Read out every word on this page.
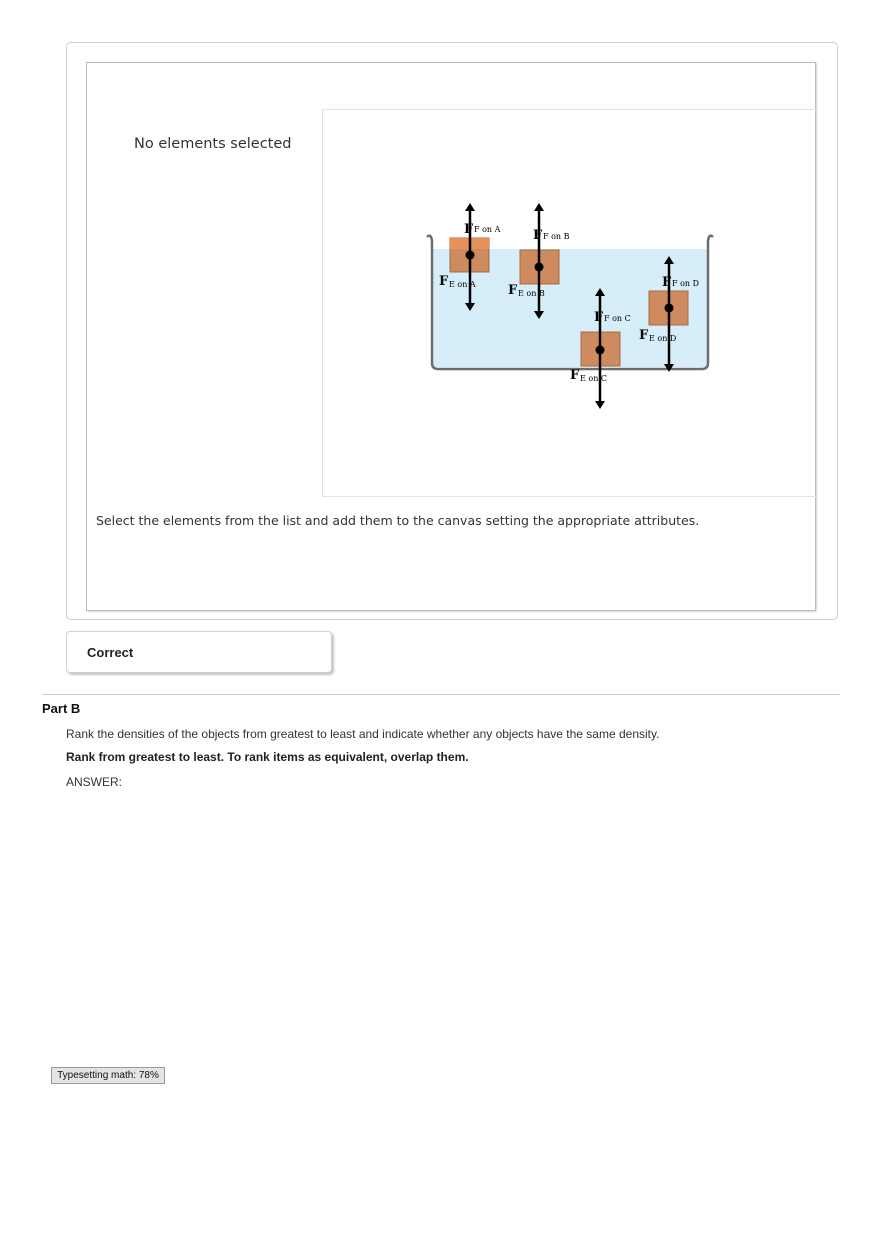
No elements selected
F F on A
F E on A
F F on B
F E on B
F F on C
F E on C
F F on D
F E on D
Select the elements from the list and add them to the canvas setting the appropriate attributes.
Correct
Part B
Rank the densities of the objects from greatest to least and indicate whether any objects have the same density.
Rank from greatest to least. To rank items as equivalent, overlap them.
ANSWER:
Typesetting math: 78%
